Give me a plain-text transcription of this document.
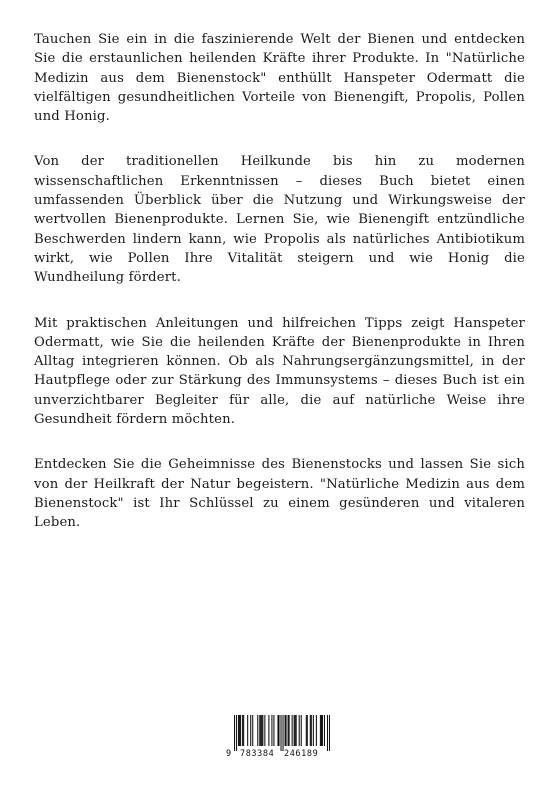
Tauchen Sie ein in die faszinierende Welt der Bienen und entdecken Sie die erstaunlichen heilenden Kräfte ihrer Produkte. In "Natürliche Medizin aus dem Bienenstock" enthüllt Hanspeter Odermatt die vielfältigen gesundheitlichen Vorteile von Bienengift, Propolis, Pollen und Honig.

Von der traditionellen Heilkunde bis hin zu modernen wissenschaftlichen Erkenntnissen – dieses Buch bietet einen umfassenden Überblick über die Nutzung und Wirkungsweise der wertvollen Bienenprodukte. Lernen Sie, wie Bienengift entzündliche Beschwerden lindern kann, wie Propolis als natürliches Antibiotikum wirkt, wie Pollen Ihre Vitalität steigern und wie Honig die Wundheilung fördert.

Mit praktischen Anleitungen und hilfreichen Tipps zeigt Hanspeter Odermatt, wie Sie die heilenden Kräfte der Bienenprodukte in Ihren Alltag integrieren können. Ob als Nahrungsergänzungsmittel, in der Hautpflege oder zur Stärkung des Immunsystems – dieses Buch ist ein unverzichtbarer Begleiter für alle, die auf natürliche Weise ihre Gesundheit fördern möchten.

Entdecken Sie die Geheimnisse des Bienenstocks und lassen Sie sich von der Heilkraft der Natur begeistern. "Natürliche Medizin aus dem Bienenstock" ist Ihr Schlüssel zu einem gesünderen und vitaleren Leben.

9 783384 246189
